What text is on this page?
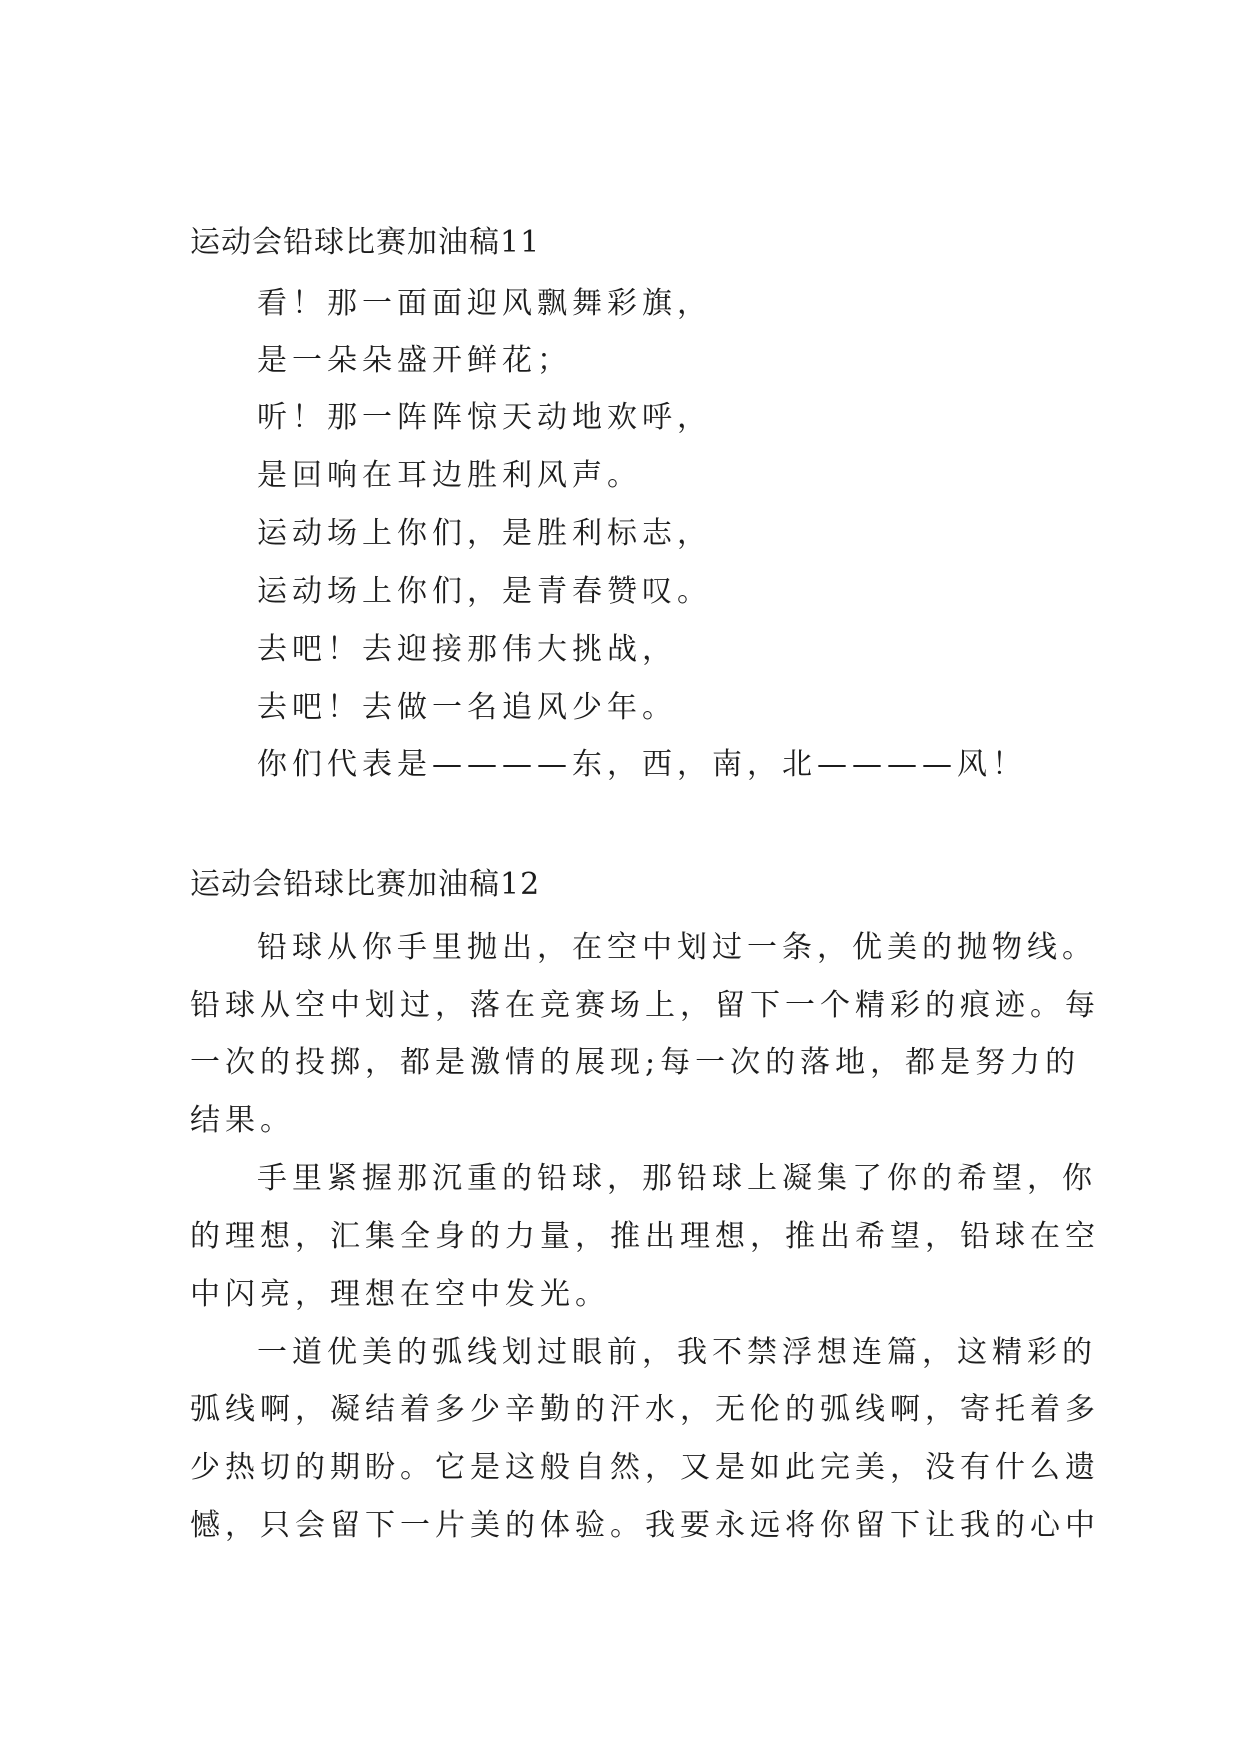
运动会铅球比赛加油稿11
看！那一面面迎风飘舞彩旗，
是一朵朵盛开鲜花；
听！那一阵阵惊天动地欢呼，
是回响在耳边胜利风声。
运动场上你们，是胜利标志，
运动场上你们，是青春赞叹。
去吧！去迎接那伟大挑战，
去吧！去做一名追风少年。
你们代表是————东，西，南，北————风！
运动会铅球比赛加油稿12
铅球从你手里抛出，在空中划过一条，优美的抛物线。
铅球从空中划过，落在竞赛场上，留下一个精彩的痕迹。每
一次的投掷，都是激情的展现;每一次的落地，都是努力的
结果。
手里紧握那沉重的铅球，那铅球上凝集了你的希望，你
的理想，汇集全身的力量，推出理想，推出希望，铅球在空
中闪亮，理想在空中发光。
一道优美的弧线划过眼前，我不禁浮想连篇，这精彩的
弧线啊，凝结着多少辛勤的汗水，无伦的弧线啊，寄托着多
少热切的期盼。它是这般自然，又是如此完美，没有什么遗
憾，只会留下一片美的体验。我要永远将你留下让我的心中
